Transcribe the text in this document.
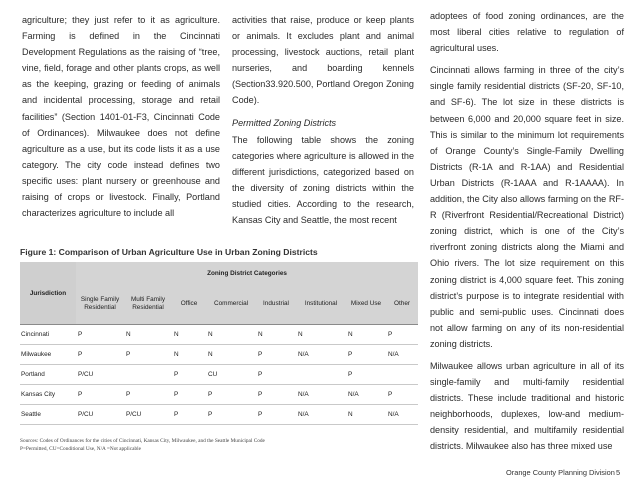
agriculture; they just refer to it as agriculture. Farming is defined in the Cincinnati Development Regulations as the raising of “tree, vine, field, forage and other plants crops, as well as the keeping, grazing or feeding of animals and incidental processing, storage and retail facilities” (Section 1401-01-F3, Cincinnati Code of Ordinances). Milwaukee does not define agriculture as a use, but its code lists it as a use category. The city code instead defines two specific uses: plant nursery or greenhouse and raising of crops or livestock. Finally, Portland characterizes agriculture to include all

activities that raise, produce or keep plants or animals. It excludes plant and animal processing, livestock auctions, retail plant nurseries, and boarding kennels (Section33.920.500, Portland Oregon Zoning Code).

Permitted Zoning Districts

The following table shows the zoning categories where agriculture is allowed in the different jurisdictions, categorized based on the diversity of zoning districts within the studied cities. According to the research, Kansas City and Seattle, the most recent

adoptees of food zoning ordinances, are the most liberal cities relative to regulation of agricultural uses.

Cincinnati allows farming in three of the city’s single family residential districts (SF-20, SF-10, and SF-6). The lot size in these districts is between 6,000 and 20,000 square feet in size. This is similar to the minimum lot requirements of Orange County’s Single-Family Dwelling Districts (R-1A and R-1AA) and Residential Urban Districts (R-1AAA and R-1AAAA). In addition, the City also allows farming on the RF-R (Riverfront Residential/Recreational District) zoning district, which is one of the City’s riverfront zoning districts along the Miami and Ohio rivers. The lot size requirement on this zoning district is 4,000 square feet. This zoning district’s purpose is to integrate residential with public and semi-public uses. Cincinnati does not allow farming on any of its non-residential zoning districts.

Milwaukee allows urban agriculture in all of its single-family and multi-family residential districts. These include traditional and historic neighborhoods, duplexes, low-and medium-density residential, and multifamily residential districts. Milwaukee also has three mixed use

Figure 1: Comparison of Urban Agriculture Use in Urban Zoning Districts
Jurisdiction	Zoning District Categories							
	Single Family Residential	Multi Family Residential	Office	Commercial	Industrial	Institutional	Mixed Use	Other
Cincinnati	P	N	N	N	N	N	N	P
Milwaukee	P	P	N	N	P	N/A	P	N/A
Portland	P/CU		P	CU	P		P	
Kansas City	P	P	P	P	P	N/A	N/A	P
Seattle	P/CU	P/CU	P	P	P	N/A	N	N/A
Sources: Codes of Ordinances for the cities of Cincinnati, Kansas City, Milwaukee, and the Seattle Municipal Code
P=Permitted, CU=Conditional Use, N/A =Not applicable
Orange County Planning Division 5
